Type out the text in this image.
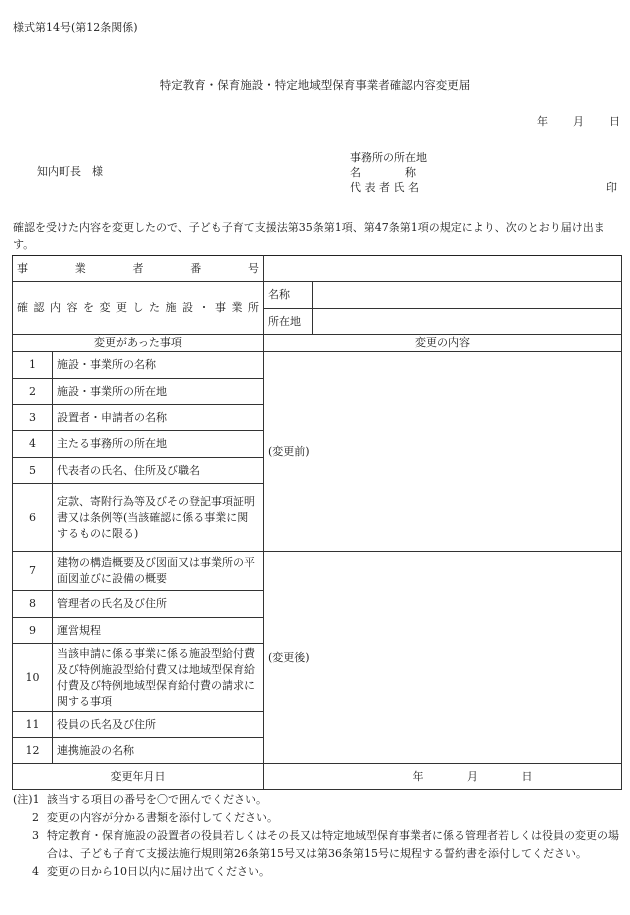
様式第14号(第12条関係)
特定教育・保育施設・特定地域型保育事業者確認内容変更届
年 月 日
知内町長　様
事務所の所在地
名　　　　称
代 表 者 氏 名	印
確認を受けた内容を変更したので、子ども子育て支援法第35条第1項、第47条第1項の規定により、次のとおり届け出ます。
事業者番号			
確認内容を変更した施設・事業所		名称	
		所在地	
変更があった事項		変更の内容	
1	施設・事業所の名称	(変更前)	
2	施設・事業所の所在地		
3	設置者・申請者の名称		
4	主たる事務所の所在地		
5	代表者の氏名、住所及び職名		
6	定款、寄附行為等及びその登記事項証明書又は条例等(当該確認に係る事業に関するものに限る)		
7	建物の構造概要及び図面又は事業所の平面図並びに設備の概要	(変更後)	
8	管理者の氏名及び住所		
9	運営規程		
10	当該申請に係る事業に係る施設型給付費及び特例施設型給付費又は地域型保育給付費及び特例地域型保育給付費の請求に関する事項		
11	役員の氏名及び住所		
12	連携施設の名称		
変更年月日		年 月 日	
(注)1 該当する項目の番号を〇で囲んでください。
2 変更の内容が分かる書類を添付してください。
3 特定教育・保育施設の設置者の役員若しくはその長又は特定地域型保育事業者に係る管理者若しくは役員の変更の場合は、子ども子育て支援法施行規則第26条第15号又は第36条第15号に規程する誓約書を添付してください。
4 変更の日から10日以内に届け出てください。
